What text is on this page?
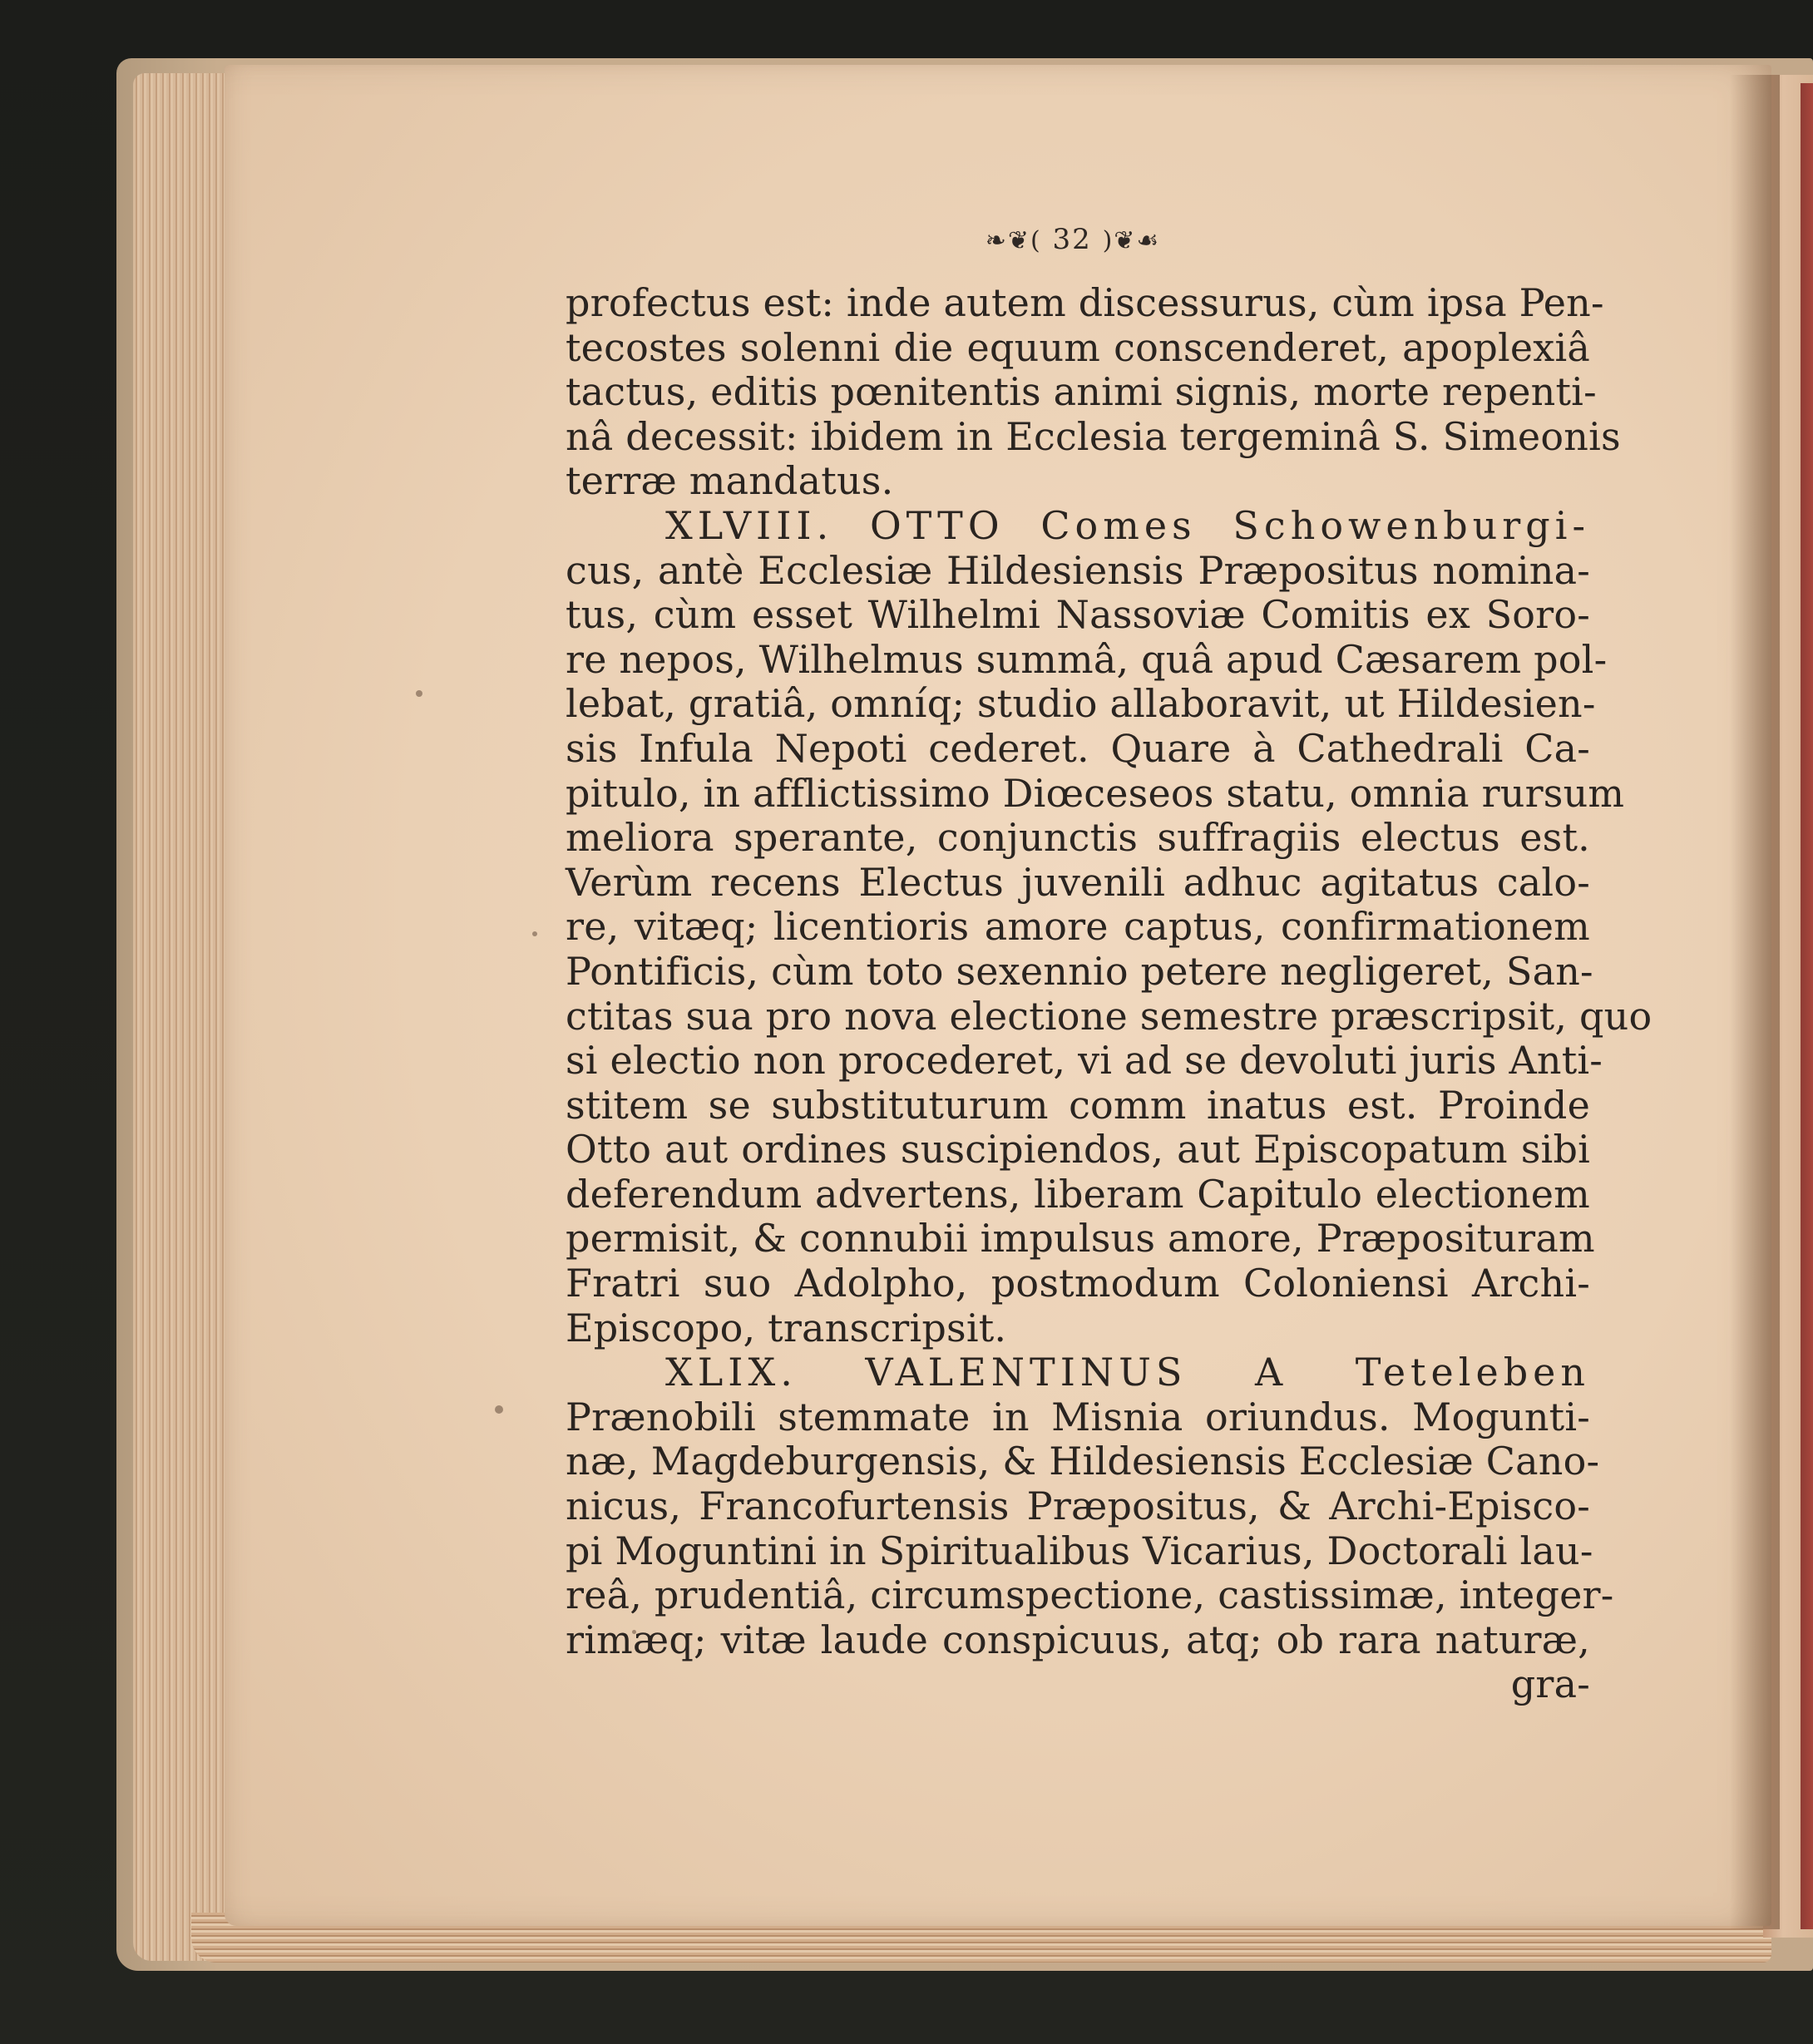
❧❦( 32 )❦☙
profectus est: inde autem discessurus, cùm ipsa Pen-
tecostes solenni die equum conscenderet, apoplexiâ
tactus, editis pœnitentis animi signis, morte repenti-
nâ decessit: ibidem in Ecclesia tergeminâ S. Simeonis
terræ mandatus.
XLVIII. OTTO Comes Schowenburgi-
cus, antè Ecclesiæ Hildesiensis Præpositus nomina-
tus, cùm esset Wilhelmi Nassoviæ Comitis ex Soro-
re nepos, Wilhelmus summâ, quâ apud Cæsarem pol-
lebat, gratiâ, omníq; studio allaboravit, ut Hildesien-
sis Infula Nepoti cederet. Quare à Cathedrali Ca-
pitulo, in afflictissimo Diœceseos statu, omnia rursum
meliora sperante, conjunctis suffragiis electus est.
Verùm recens Electus juvenili adhuc agitatus calo-
re, vitæq; licentioris amore captus, confirmationem
Pontificis, cùm toto sexennio petere negligeret, San-
ctitas sua pro nova electione semestre præscripsit, quo
si electio non procederet, vi ad se devoluti juris Anti-
stitem se substituturum comm inatus est. Proinde
Otto aut ordines suscipiendos, aut Episcopatum sibi
deferendum advertens, liberam Capitulo electionem
permisit, & connubii impulsus amore, Præposituram
Fratri suo Adolpho, postmodum Coloniensi Archi-
Episcopo, transcripsit.
XLIX. VALENTINUS A Teteleben
Prænobili stemmate in Misnia oriundus. Mogunti-
næ, Magdeburgensis, & Hildesiensis Ecclesiæ Cano-
nicus, Francofurtensis Præpositus, & Archi-Episco-
pi Moguntini in Spiritualibus Vicarius, Doctorali lau-
reâ, prudentiâ, circumspectione, castissimæ, integer-
rimæq; vitæ laude conspicuus, atq; ob rara naturæ,
gra-
